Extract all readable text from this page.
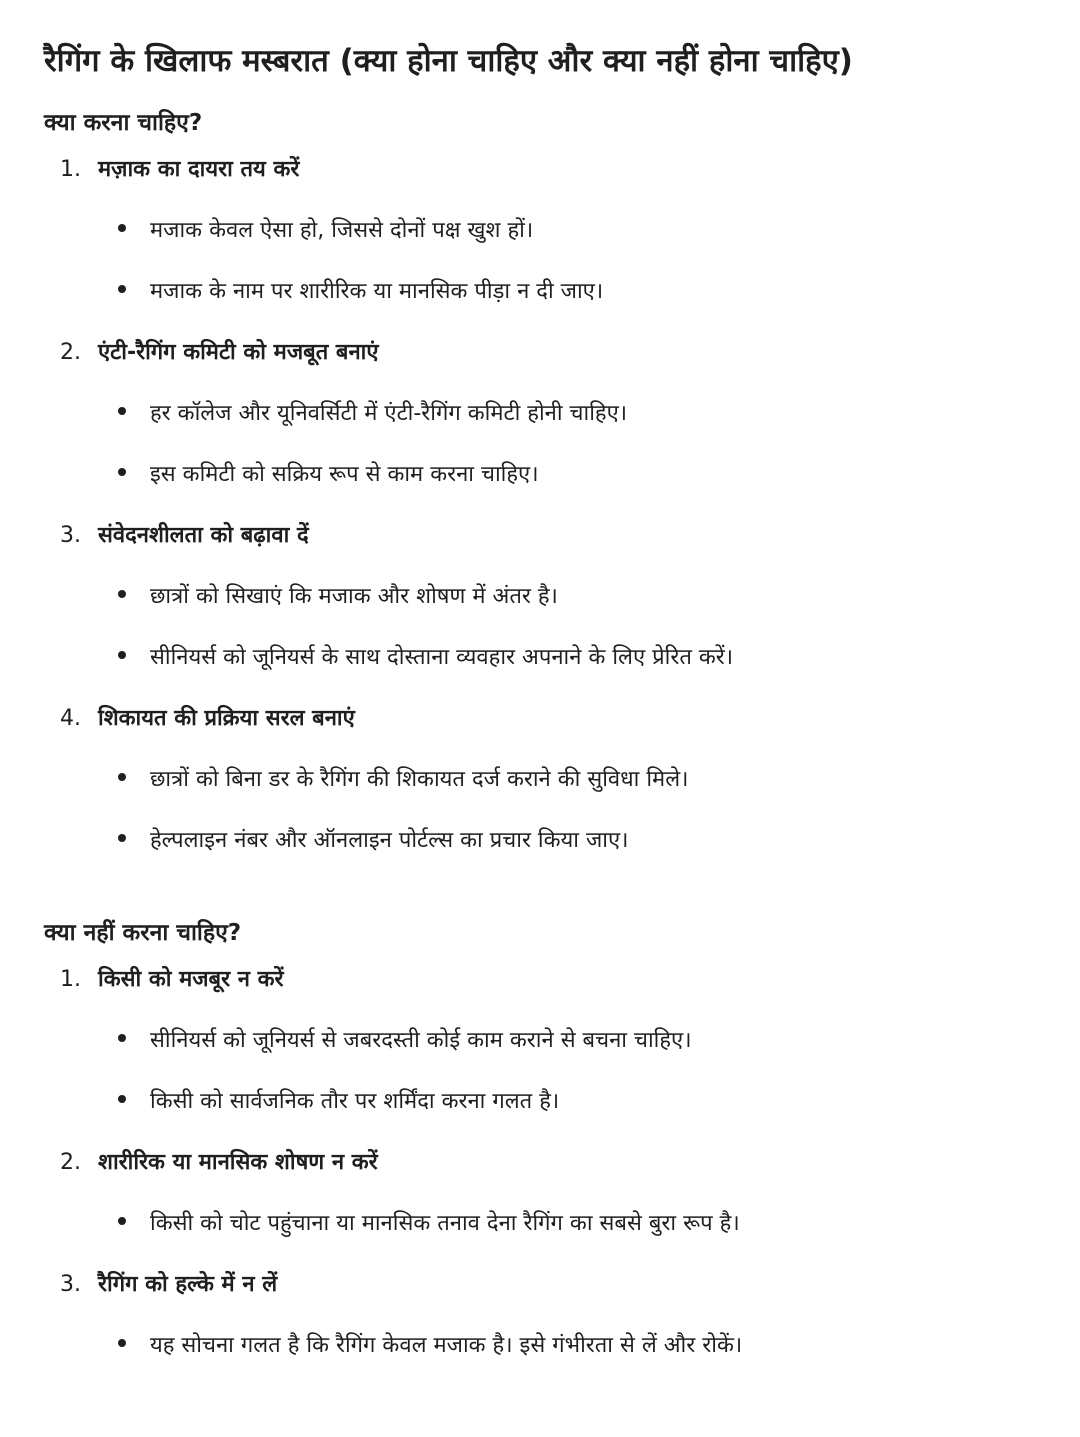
रैगिंग के खिलाफ मस्बरात (क्या होना चाहिए और क्या नहीं होना चाहिए)
क्या करना चाहिए?
1. मज़ाक का दायरा तय करें
मजाक केवल ऐसा हो, जिससे दोनों पक्ष खुश हों।
मजाक के नाम पर शारीरिक या मानसिक पीड़ा न दी जाए।
2. एंटी-रैगिंग कमिटी को मजबूत बनाएं
हर कॉलेज और यूनिवर्सिटी में एंटी-रैगिंग कमिटी होनी चाहिए।
इस कमिटी को सक्रिय रूप से काम करना चाहिए।
3. संवेदनशीलता को बढ़ावा दें
छात्रों को सिखाएं कि मजाक और शोषण में अंतर है।
सीनियर्स को जूनियर्स के साथ दोस्ताना व्यवहार अपनाने के लिए प्रेरित करें।
4. शिकायत की प्रक्रिया सरल बनाएं
छात्रों को बिना डर के रैगिंग की शिकायत दर्ज कराने की सुविधा मिले।
हेल्पलाइन नंबर और ऑनलाइन पोर्टल्स का प्रचार किया जाए।
क्या नहीं करना चाहिए?
1. किसी को मजबूर न करें
सीनियर्स को जूनियर्स से जबरदस्ती कोई काम कराने से बचना चाहिए।
किसी को सार्वजनिक तौर पर शर्मिंदा करना गलत है।
2. शारीरिक या मानसिक शोषण न करें
किसी को चोट पहुंचाना या मानसिक तनाव देना रैगिंग का सबसे बुरा रूप है।
3. रैगिंग को हल्के में न लें
यह सोचना गलत है कि रैगिंग केवल मजाक है। इसे गंभीरता से लें और रोकें।
